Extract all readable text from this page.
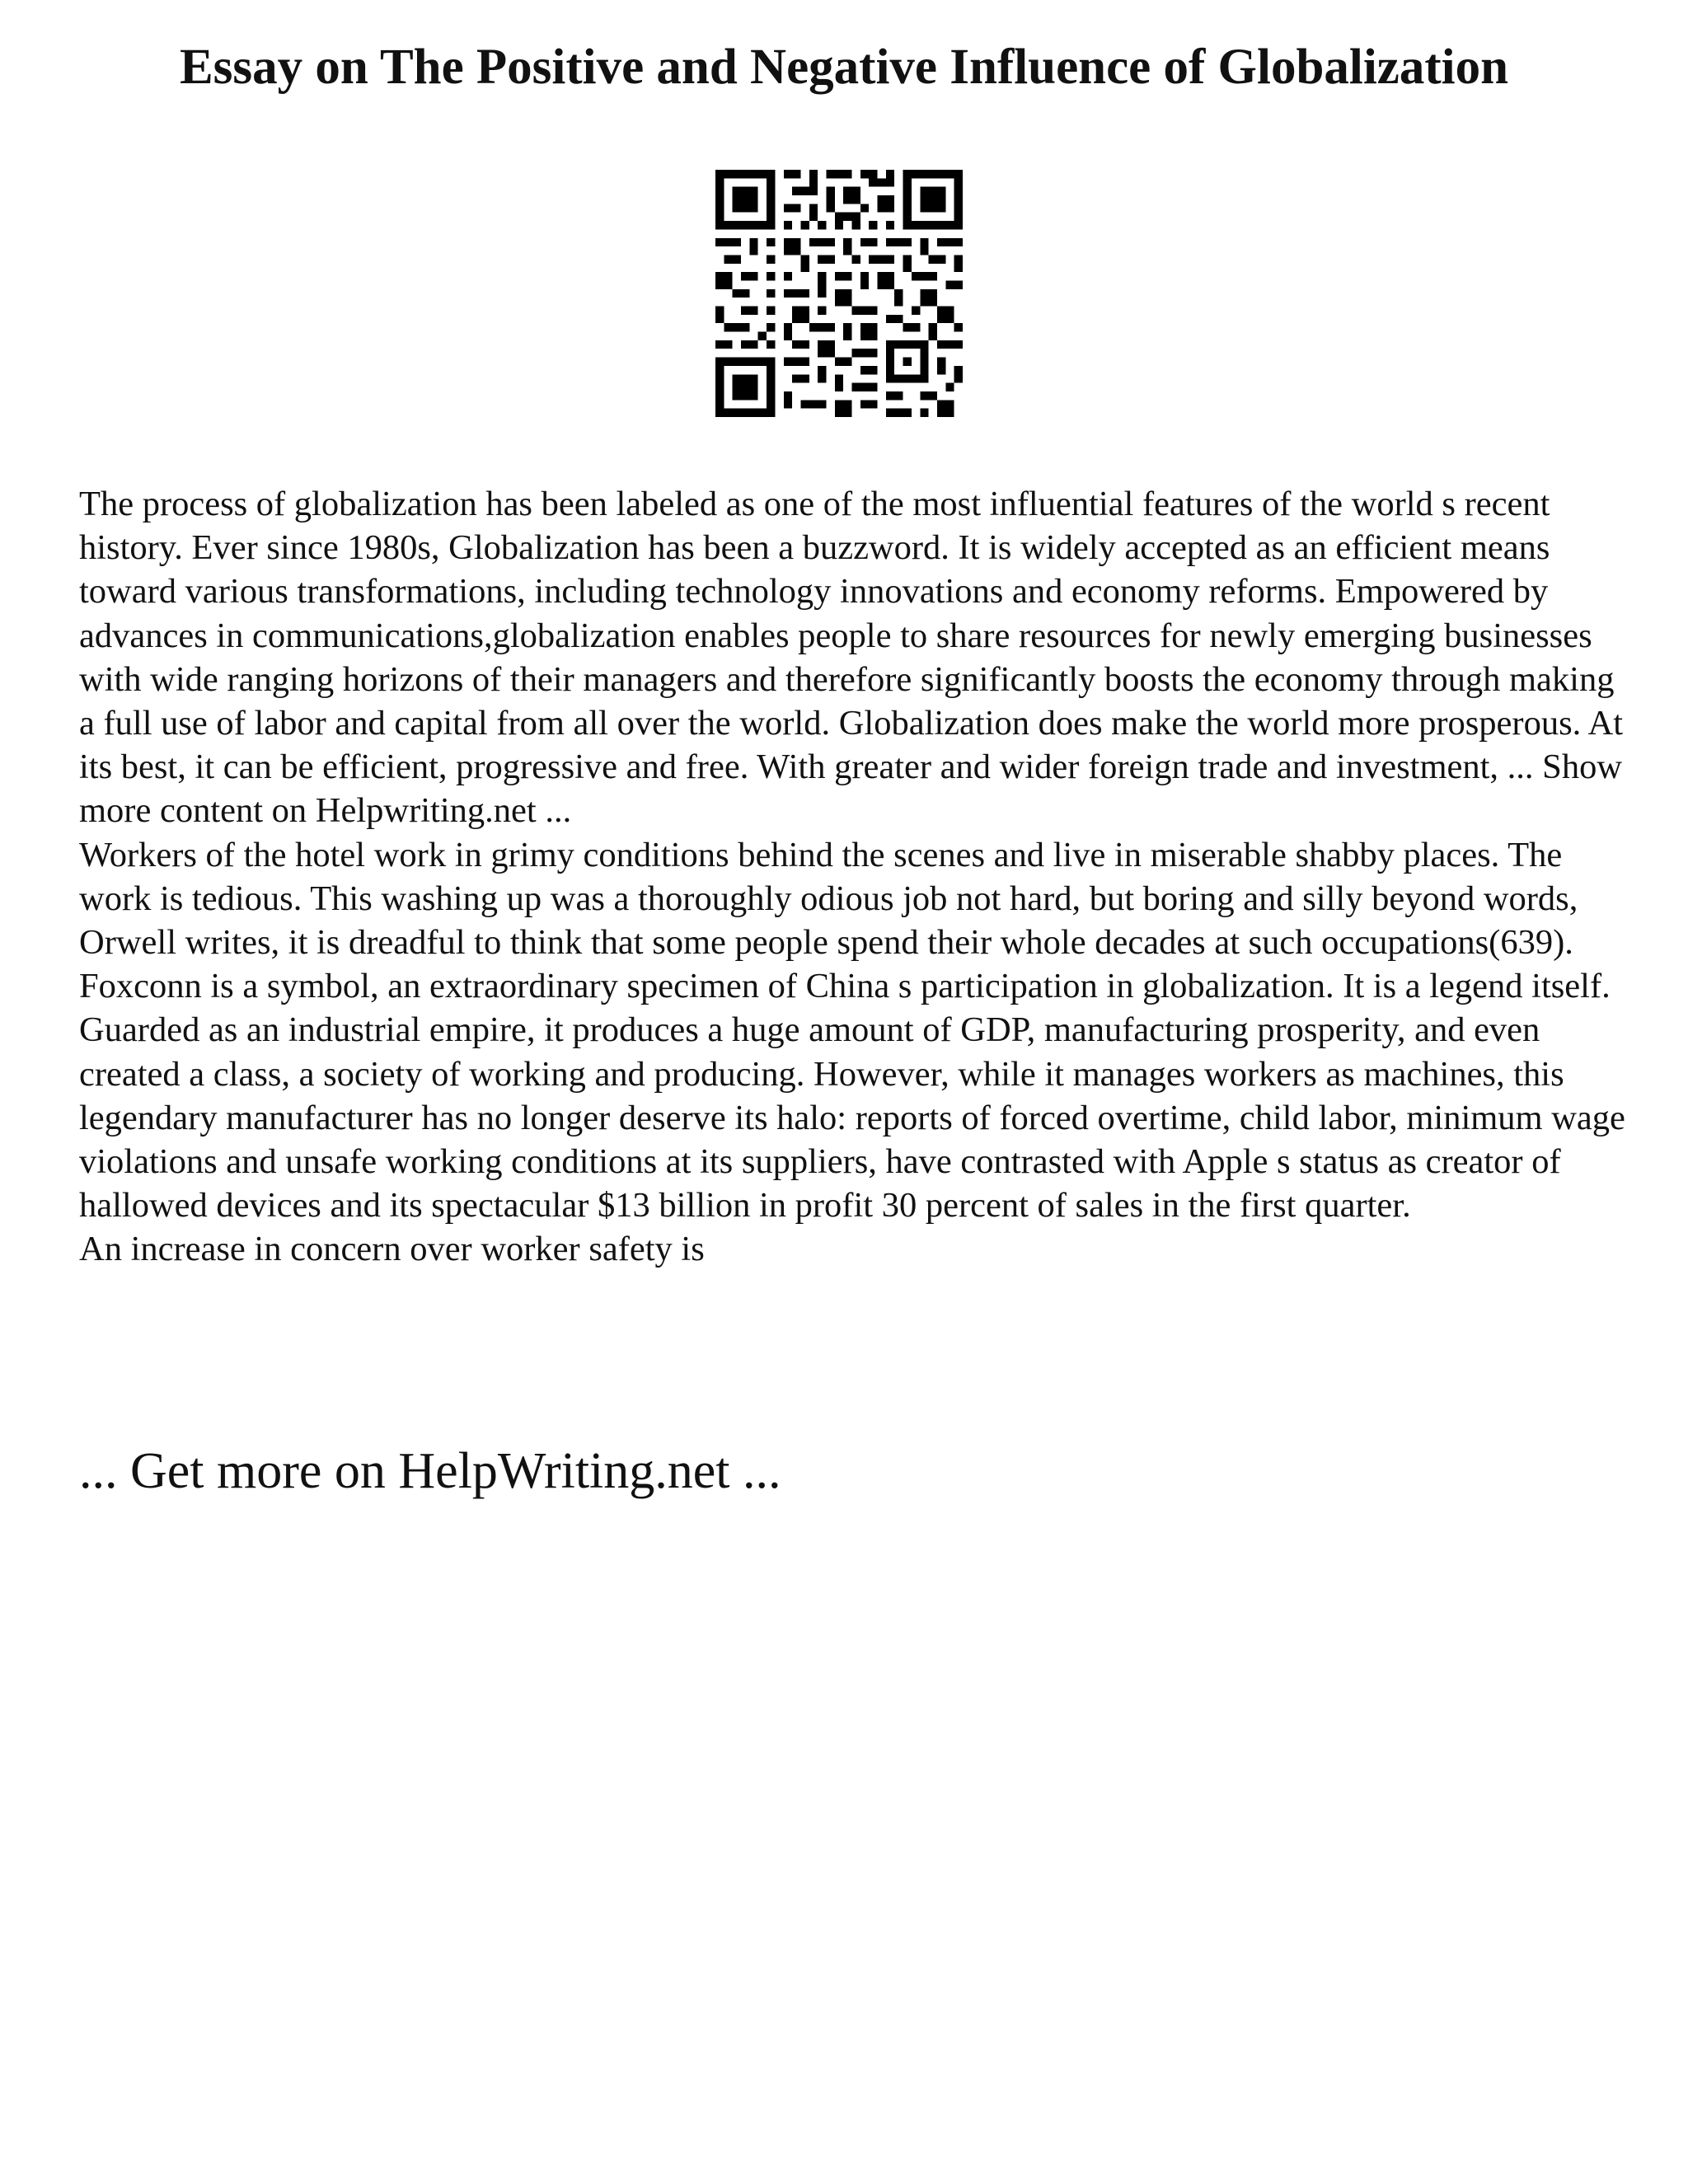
Essay on The Positive and Negative Influence of Globalization

The process of globalization has been labeled as one of the most influential features of the world s recent history. Ever since 1980s, Globalization has been a buzzword. It is widely accepted as an efficient means toward various transformations, including technology innovations and economy reforms. Empowered by advances in communications,globalization enables people to share resources for newly emerging businesses with wide ranging horizons of their managers and therefore significantly boosts the economy through making a full use of labor and capital from all over the world. Globalization does make the world more prosperous. At its best, it can be efficient, progressive and free. With greater and wider foreign trade and investment, ... Show more content on Helpwriting.net ...

Workers of the hotel work in grimy conditions behind the scenes and live in miserable shabby places. The work is tedious. This washing up was a thoroughly odious job not hard, but boring and silly beyond words, Orwell writes, it is dreadful to think that some people spend their whole decades at such occupations(639).

Foxconn is a symbol, an extraordinary specimen of China s participation in globalization. It is a legend itself. Guarded as an industrial empire, it produces a huge amount of GDP, manufacturing prosperity, and even created a class, a society of working and producing. However, while it manages workers as machines, this legendary manufacturer has no longer deserve its halo: reports of forced overtime, child labor, minimum wage violations and unsafe working conditions at its suppliers, have contrasted with Apple s status as creator of hallowed devices and its spectacular $13 billion in profit 30 percent of sales in the first quarter.

An increase in concern over worker safety is

... Get more on HelpWriting.net ...
